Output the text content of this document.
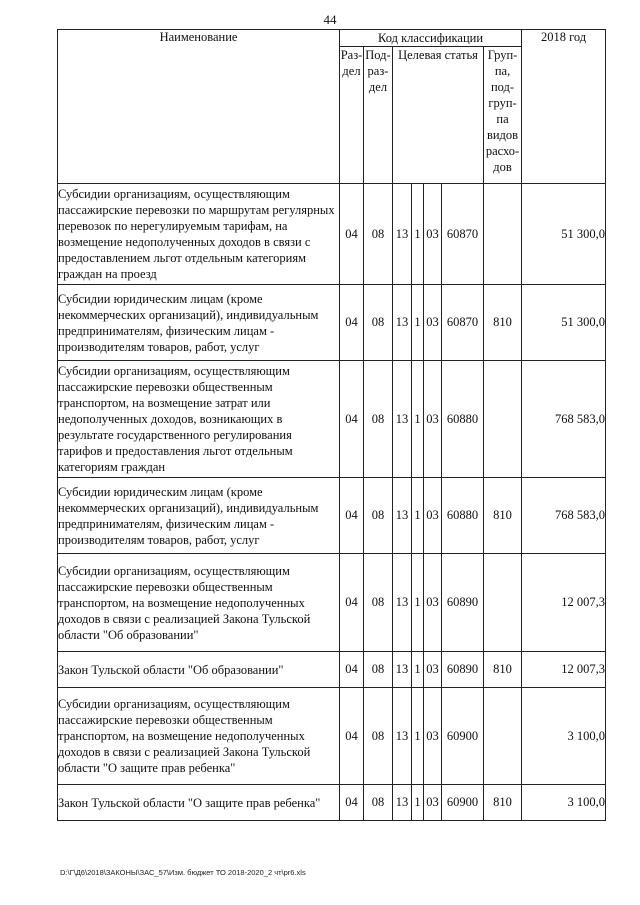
44
Наименование	Код классификации							2018 год
	Раз- дел	Под- раз- дел	Целевая статья				Груп- па, под- груп- па видов расхо- дов	
Субсидии организациям, осуществляющим пассажирские перевозки по маршрутам регулярных перевозок по нерегулируемым тарифам, на возмещение недополученных доходов в связи с предоставлением льгот отдельным категориям граждан на проезд	04	08	13	1	03	60870		51 300,0
Субсидии юридическим лицам (кроме некоммерческих организаций), индивидуальным предпринимателям, физическим лицам - производителям товаров, работ, услуг	04	08	13	1	03	60870	810	51 300,0
Субсидии организациям, осуществляющим пассажирские перевозки общественным транспортом, на возмещение затрат или недополученных доходов, возникающих в результате государственного регулирования тарифов и предоставления льгот отдельным категориям граждан	04	08	13	1	03	60880		768 583,0
Субсидии юридическим лицам (кроме некоммерческих организаций), индивидуальным предпринимателям, физическим лицам - производителям товаров, работ, услуг	04	08	13	1	03	60880	810	768 583,0
Субсидии организациям, осуществляющим пассажирские перевозки общественным транспортом, на возмещение недополученных доходов в связи с реализацией Закона Тульской области "Об образовании"	04	08	13	1	03	60890		12 007,3
Закон Тульской области "Об образовании"	04	08	13	1	03	60890	810	12 007,3
Субсидии организациям, осуществляющим пассажирские перевозки общественным транспортом, на возмещение недополученных доходов в связи с реализацией Закона Тульской области "О защите прав ребенка"	04	08	13	1	03	60900		3 100,0
Закон Тульской области "О защите прав ребенка"	04	08	13	1	03	60900	810	3 100,0
D:\Г\Д6\2018\ЗАКОНЫ\ЗАС_57\Изм. бюджет ТО 2018-2020_2 чт\pr6.xls
